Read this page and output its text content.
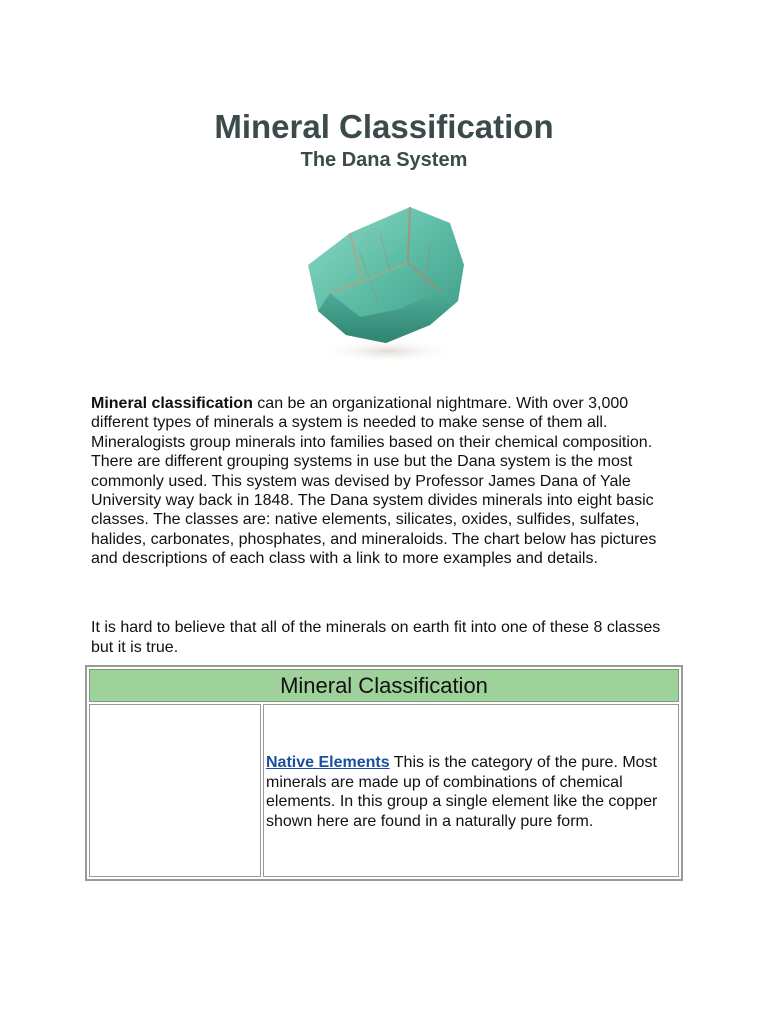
Mineral Classification
The Dana System

Mineral classification can be an organizational nightmare. With over 3,000 different types of minerals a system is needed to make sense of them all. Mineralogists group minerals into families based on their chemical composition. There are different grouping systems in use but the Dana system is the most commonly used. This system was devised by Professor James Dana of Yale University way back in 1848. The Dana system divides minerals into eight basic classes. The classes are: native elements, silicates, oxides, sulfides, sulfates, halides, carbonates, phosphates, and mineraloids. The chart below has pictures and descriptions of each class with a link to more examples and details.

It is hard to believe that all of the minerals on earth fit into one of these 8 classes but it is true.

Mineral Classification

Native Elements This is the category of the pure. Most minerals are made up of combinations of chemical elements. In this group a single element like the copper shown here are found in a naturally pure form.
